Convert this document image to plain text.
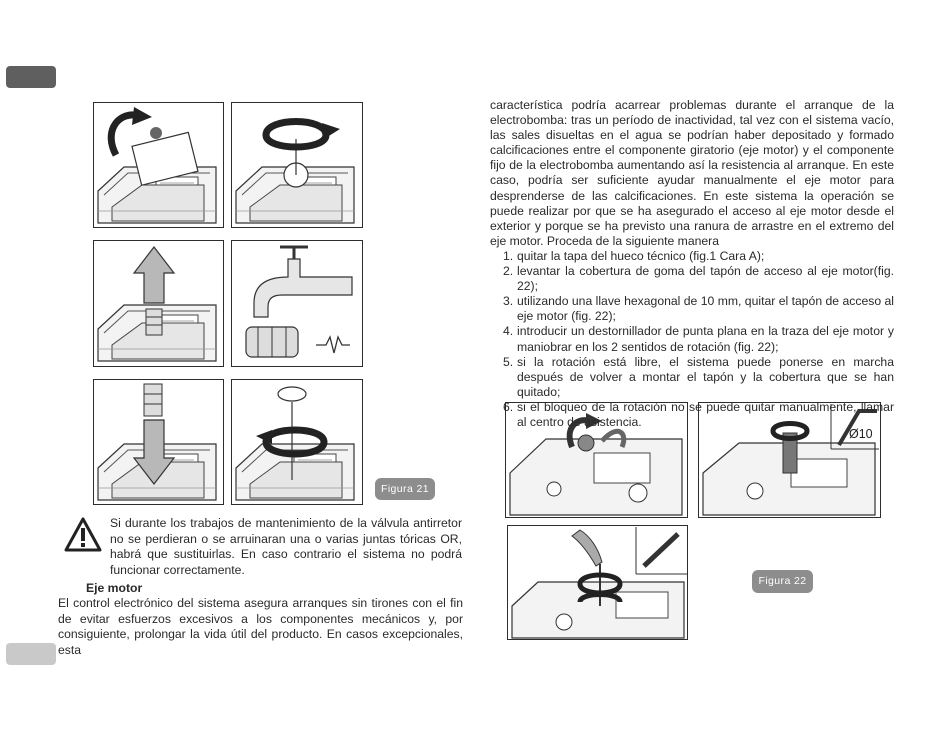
Figura 21
Ø10
Figura 22

Si durante los trabajos de mantenimiento de la válvula antirretor no se perdieran o se arruinaran una o varias juntas tóricas OR, habrá que sustituirlas. En caso contrario el sistema no podrá funcionar correctamente.

Eje motor

El control electrónico del sistema asegura arranques sin tirones con el fin de evitar esfuerzos excesivos a los componentes mecánicos y, por consiguiente, prolongar la vida útil del producto. En casos excepcionales, esta

característica podría acarrear problemas durante el arranque de la electrobomba: tras un período de inactividad, tal vez con el sistema vacío, las sales disueltas en el agua se podrían haber depositado y formado calcificaciones entre el componente giratorio (eje motor) y el componente fijo de la electrobomba aumentando así la resistencia al arranque. En este caso, podría ser suficiente ayudar manualmente el eje motor para desprenderse de las calcificaciones. En este sistema la operación se puede realizar por que se ha asegurado el acceso al eje motor desde el exterior y porque se ha previsto una ranura de arrastre en el extremo del eje motor. Proceda de la siguiente manera

1. quitar la tapa del hueco técnico (fig.1 Cara A);
2. levantar la cobertura de goma del tapón de acceso al eje motor(fig. 22);
3. utilizando una llave hexagonal de 10 mm, quitar el tapón de acceso al eje motor (fig. 22);
4. introducir un destornillador de punta plana en la traza del eje motor y maniobrar en los 2 sentidos de rotación (fig. 22);
5. si la rotación está libre, el sistema puede ponerse en marcha después de volver a montar el tapón y la cobertura que se han quitado;
6. si el bloqueo de la rotación no se puede quitar manualmente, llamar al centro de asistencia.
